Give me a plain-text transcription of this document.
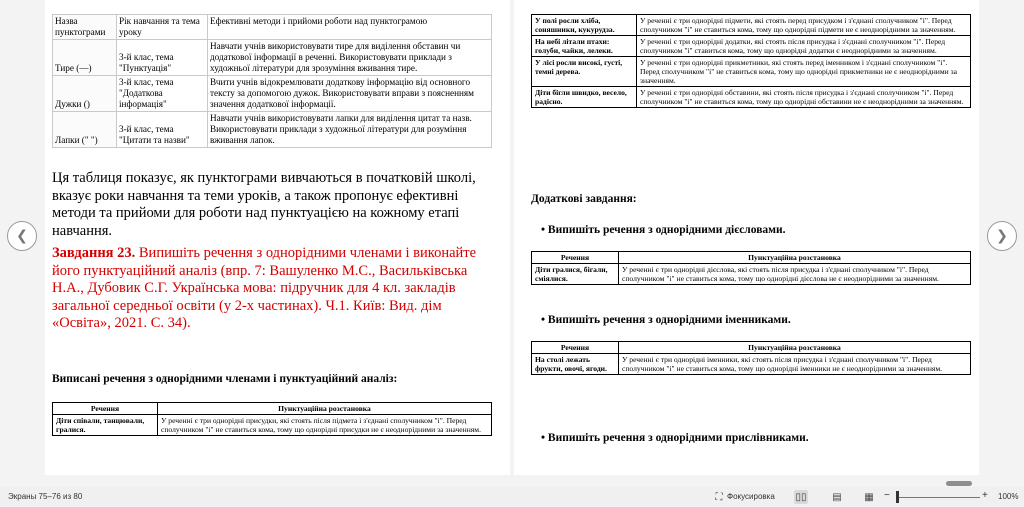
Назва пунктограми	Рік навчання та тема уроку	Ефективні методи і прийоми роботи над пунктограмою
Тире (—)	3-й клас, тема "Пунктуація"	Навчати учнів використовувати тире для виділення обставин чи додаткової інформації в реченні. Використовувати приклади з художньої літератури для зрозуміння вживання тире.
Дужки ()	3-й клас, тема "Додаткова інформація"	Вчити учнів відокремлювати додаткову інформацію від основного тексту за допомогою дужок. Використовувати вправи з поясненням значення додаткової інформації.
Лапки (" ")	3-й клас, тема "Цитати та назви"	Навчати учнів використовувати лапки для виділення цитат та назв. Використовувати приклади з художньої літератури для розуміння вживання лапок.
Ця таблиця показує, як пунктограми вивчаються в початковій школі, вказує роки навчання та теми уроків, а також пропонує ефективні методи та прийоми для роботи над пунктуацією на кожному етапі навчання.
Завдання 23. Випишіть речення з однорідними членами і виконайте його пунктуаційний аналіз (впр. 7: Вашуленко М.С., Васильківська Н.А., Дубовик С.Г. Українська мова: підручник для 4 кл. закладів загальної середньої освіти (у 2-х частинах). Ч.1. Київ: Вид. дім «Освіта», 2021. С. 34).
Виписані речення з однорідними членами і пунктуаційний аналіз:
Речення	Пунктуаційна розстановка
Діти співали, танцювали, гралися.	У реченні є три однорідні присудки, які стоять після підмета і з'єднані сполучником "і". Перед сполучником "і" не ставиться кома, тому що однорідні присудки не є неоднорідними за значенням.
У полі росли хліба, соняшники, кукурудза.	У реченні є три однорідні підмети, які стоять перед присудком і з'єднані сполучником "і". Перед сполучником "і" не ставиться кома, тому що однорідні підмети не є неоднорідними за значенням.
На небі літали птахи: голуби, чайки, лелеки.	У реченні є три однорідні додатки, які стоять після присудка і з'єднані сполучником "і". Перед сполучником "і" ставиться кома, тому що однорідні додатки є неоднорідними за значенням.
У лісі росли високі, густі, темні дерева.	У реченні є три однорідні прикметники, які стоять перед іменником і з'єднані сполучником "і". Перед сполучником "і" не ставиться кома, тому що однорідні прикметники не є неоднорідними за значенням.
Діти бігли швидко, весело, радісно.	У реченні є три однорідні обставини, які стоять після присудка і з'єднані сполучником "і". Перед сполучником "і" не ставиться кома, тому що однорідні обставини не є неоднорідними за значенням.
Додаткові завдання:
• Випишіть речення з однорідними дієсловами.
Речення	Пунктуаційна розстановка
Діти гралися, бігали, сміялися.	У реченні є три однорідні дієслова, які стоять після присудка і з'єднані сполучником "і". Перед сполучником "і" не ставиться кома, тому що однорідні дієслова не є неоднорідними за значенням.
• Випишіть речення з однорідними іменниками.
Речення	Пунктуаційна розстановка
На столі лежать фрукти, овочі, ягоди.	У реченні є три однорідні іменники, які стоять після присудка і з'єднані сполучником "і". Перед сполучником "і" не ставиться кома, тому що однорідні іменники не є неоднорідними за значенням.
• Випишіть речення з однорідними прислівниками.
❮	❯
Экраны 75–76 из 80	⛶ Фокусировка ▯▯	▤ ▦ −	+ 100%
